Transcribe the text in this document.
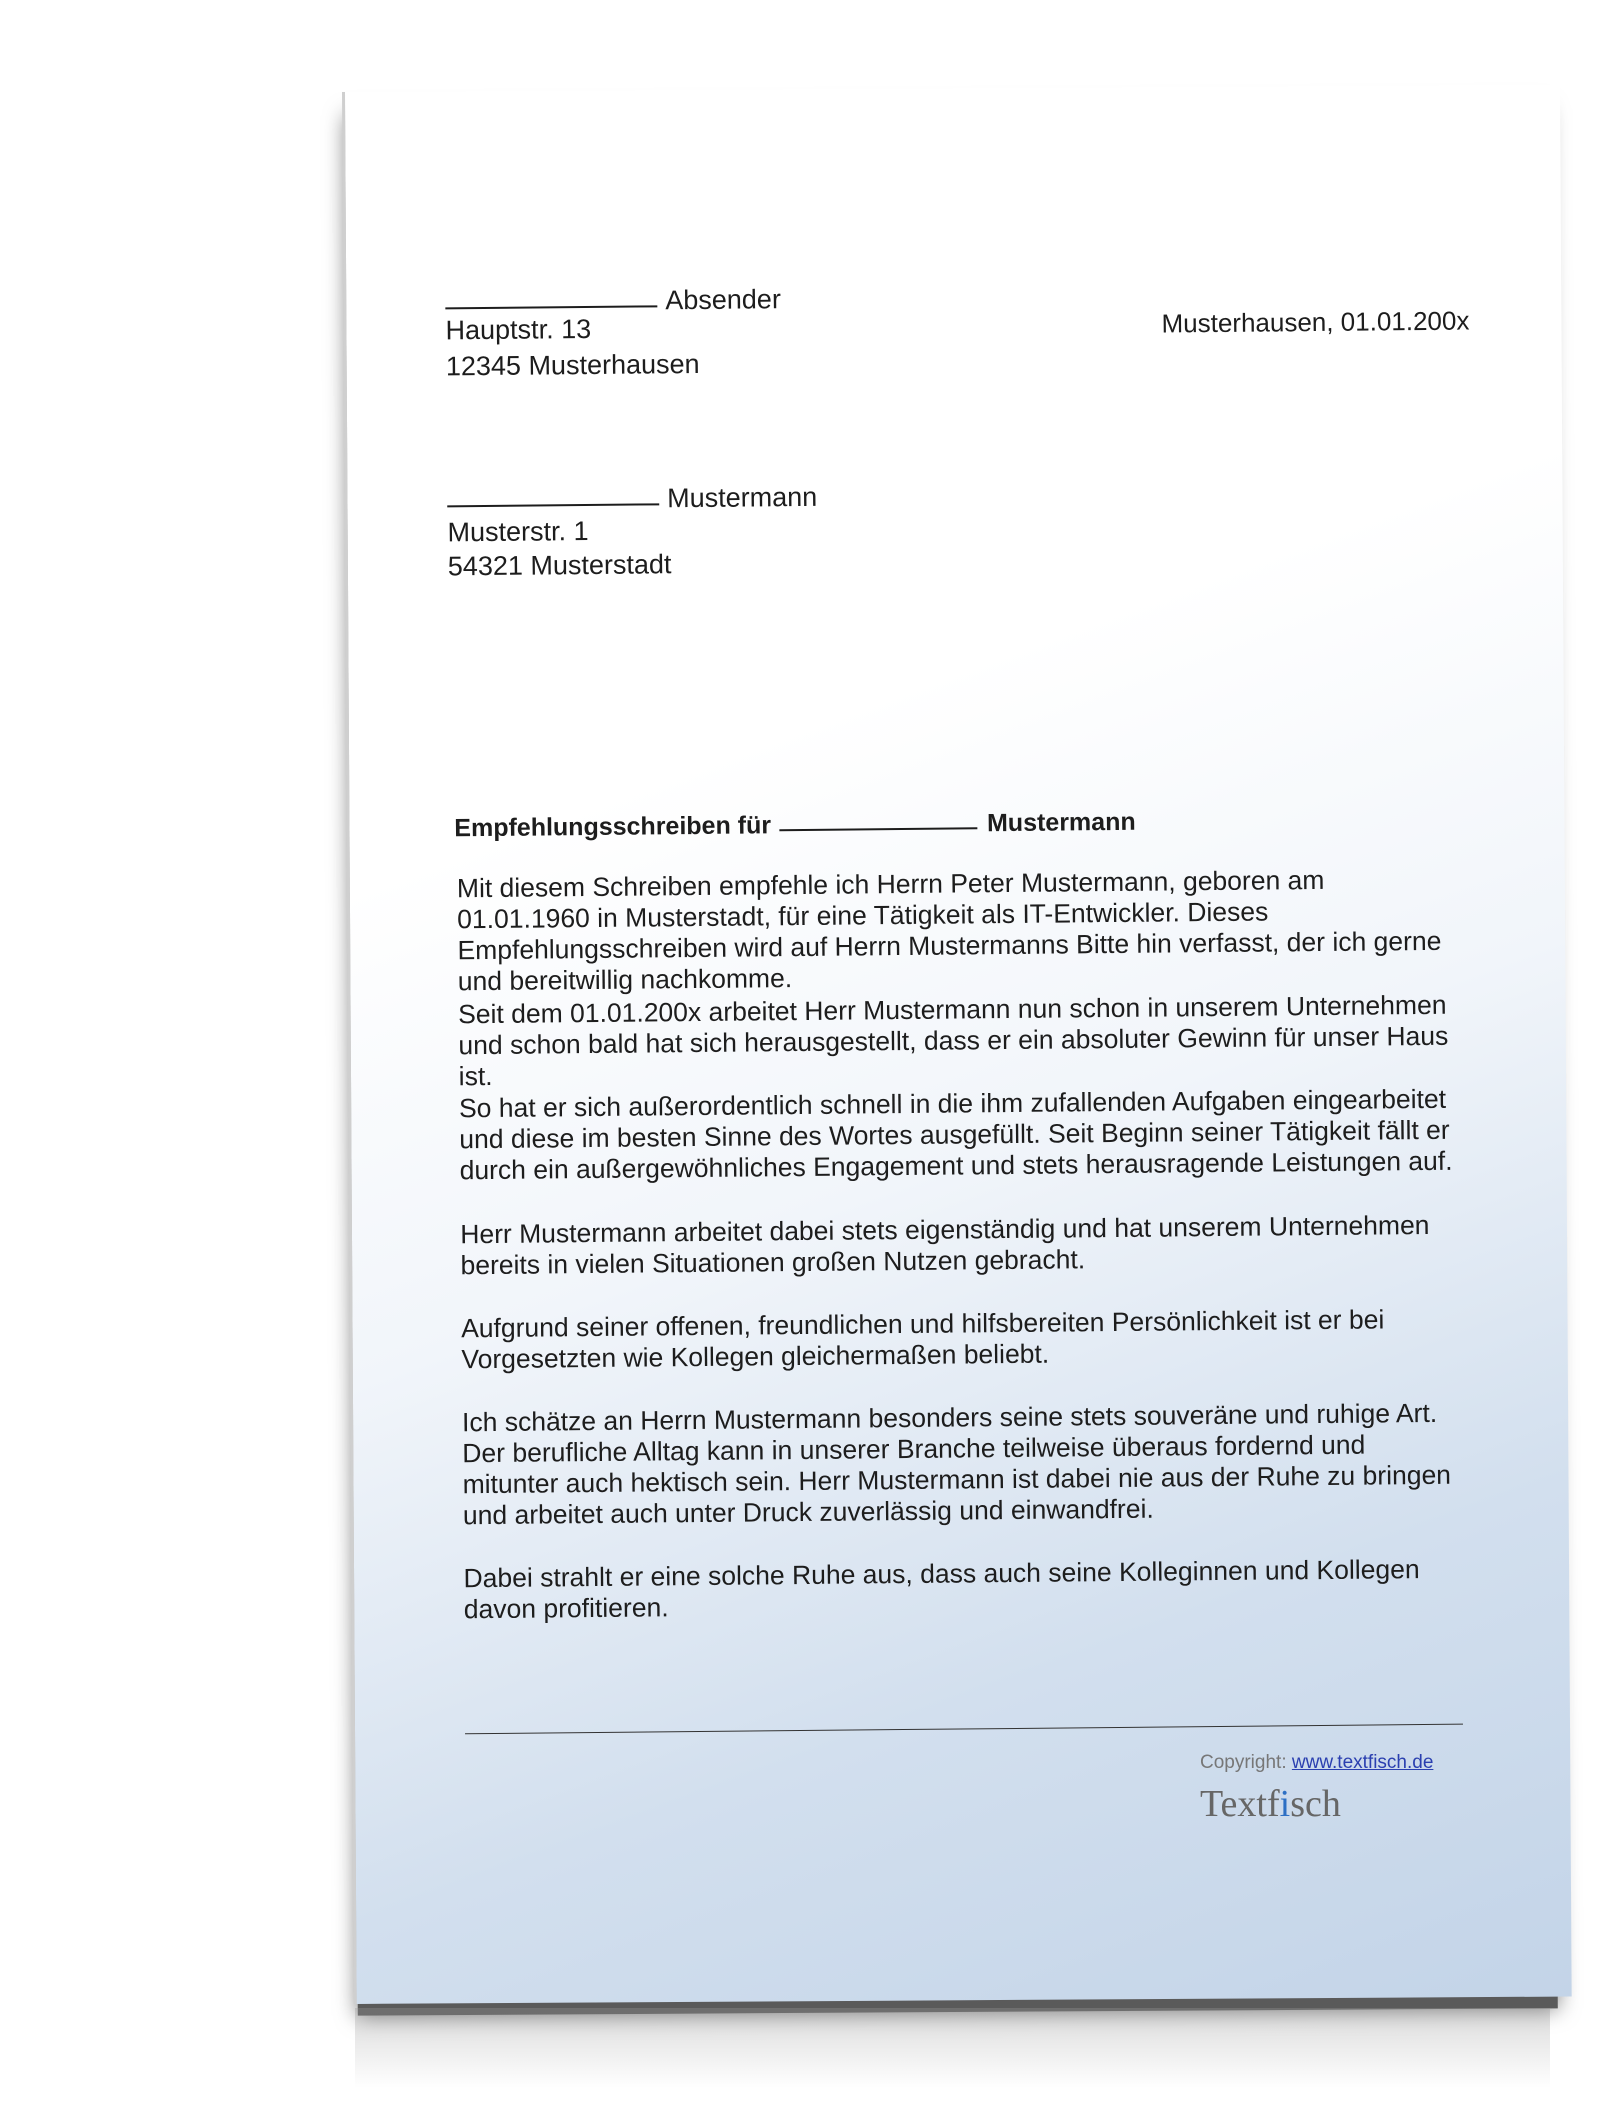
Absender
Hauptstr. 13
12345 Musterhausen
Musterhausen, 01.01.200x
Mustermann
Musterstr. 1
54321 Musterstadt
Empfehlungsschreiben für	Mustermann

Mit diesem Schreiben empfehle ich Herrn Peter Mustermann, geboren am 01.01.1960 in Musterstadt, für eine Tätigkeit als IT-Entwickler. Dieses Empfehlungsschreiben wird auf Herrn Mustermanns Bitte hin verfasst, der ich gerne und bereitwillig nachkomme.

Seit dem 01.01.200x arbeitet Herr Mustermann nun schon in unserem Unternehmen und schon bald hat sich herausgestellt, dass er ein absoluter Gewinn für unser Haus ist.

So hat er sich außerordentlich schnell in die ihm zufallenden Aufgaben eingearbeitet und diese im besten Sinne des Wortes ausgefüllt. Seit Beginn seiner Tätigkeit fällt er durch ein außergewöhnliches Engagement und stets herausragende Leistungen auf.

Herr Mustermann arbeitet dabei stets eigenständig und hat unserem Unternehmen bereits in vielen Situationen großen Nutzen gebracht.

Aufgrund seiner offenen, freundlichen und hilfsbereiten Persönlichkeit ist er bei Vorgesetzten wie Kollegen gleichermaßen beliebt.

Ich schätze an Herrn Mustermann besonders seine stets souveräne und ruhige Art. Der berufliche Alltag kann in unserer Branche teilweise überaus fordernd und mitunter auch hektisch sein. Herr Mustermann ist dabei nie aus der Ruhe zu bringen und arbeitet auch unter Druck zuverlässig und einwandfrei.

Dabei strahlt er eine solche Ruhe aus, dass auch seine Kolleginnen und Kollegen davon profitieren.

Copyright: www.textfisch.de
Textfisch
